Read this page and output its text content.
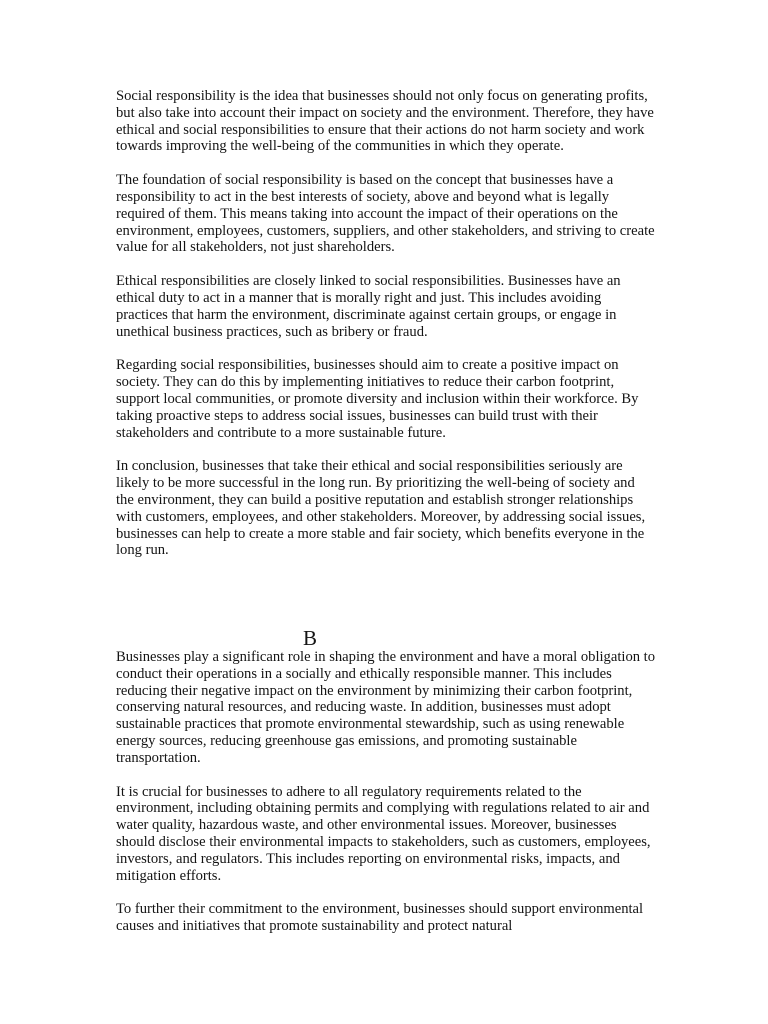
Social responsibility is the idea that businesses should not only focus on generating profits, but also take into account their impact on society and the environment. Therefore, they have ethical and social responsibilities to ensure that their actions do not harm society and work towards improving the well-being of the communities in which they operate.

The foundation of social responsibility is based on the concept that businesses have a responsibility to act in the best interests of society, above and beyond what is legally required of them. This means taking into account the impact of their operations on the environment, employees, customers, suppliers, and other stakeholders, and striving to create value for all stakeholders, not just shareholders.

Ethical responsibilities are closely linked to social responsibilities. Businesses have an ethical duty to act in a manner that is morally right and just. This includes avoiding practices that harm the environment, discriminate against certain groups, or engage in unethical business practices, such as bribery or fraud.

Regarding social responsibilities, businesses should aim to create a positive impact on society. They can do this by implementing initiatives to reduce their carbon footprint, support local communities, or promote diversity and inclusion within their workforce. By taking proactive steps to address social issues, businesses can build trust with their stakeholders and contribute to a more sustainable future.

In conclusion, businesses that take their ethical and social responsibilities seriously are likely to be more successful in the long run. By prioritizing the well-being of society and the environment, they can build a positive reputation and establish stronger relationships with customers, employees, and other stakeholders. Moreover, by addressing social issues, businesses can help to create a more stable and fair society, which benefits everyone in the long run.

B

Businesses play a significant role in shaping the environment and have a moral obligation to conduct their operations in a socially and ethically responsible manner. This includes reducing their negative impact on the environment by minimizing their carbon footprint, conserving natural resources, and reducing waste. In addition, businesses must adopt sustainable practices that promote environmental stewardship, such as using renewable energy sources, reducing greenhouse gas emissions, and promoting sustainable transportation.

It is crucial for businesses to adhere to all regulatory requirements related to the environment, including obtaining permits and complying with regulations related to air and water quality, hazardous waste, and other environmental issues. Moreover, businesses should disclose their environmental impacts to stakeholders, such as customers, employees, investors, and regulators. This includes reporting on environmental risks, impacts, and mitigation efforts.

To further their commitment to the environment, businesses should support environmental causes and initiatives that promote sustainability and protect natural
